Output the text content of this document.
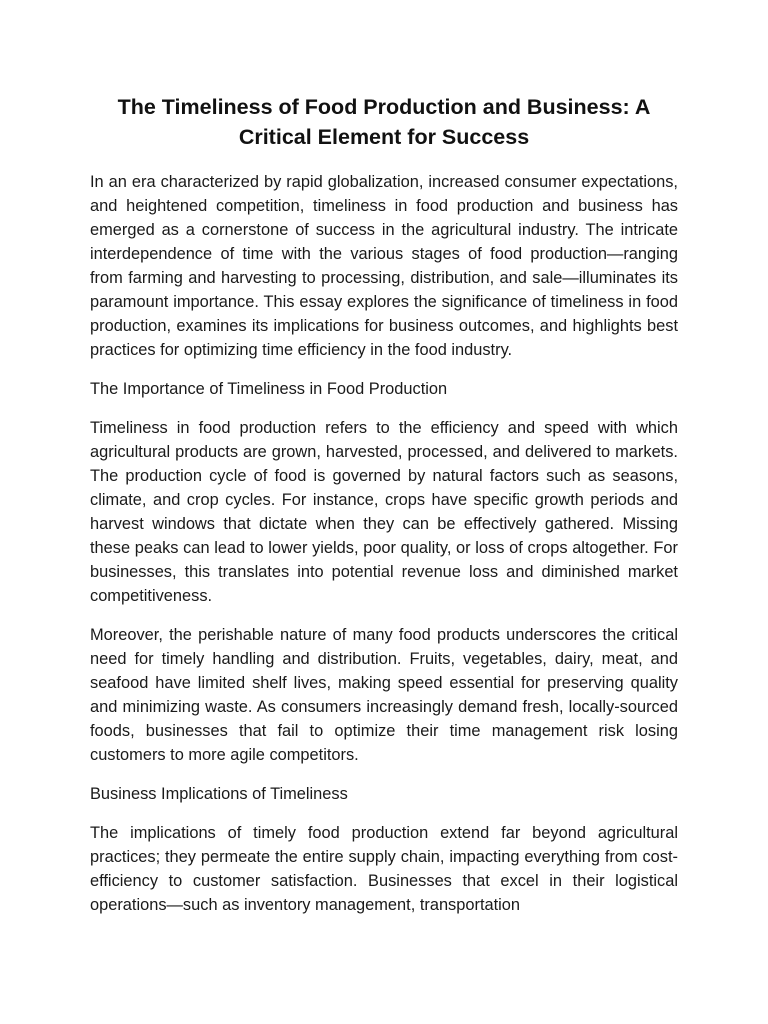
The Timeliness of Food Production and Business: A Critical Element for Success

In an era characterized by rapid globalization, increased consumer expectations, and heightened competition, timeliness in food production and business has emerged as a cornerstone of success in the agricultural industry. The intricate interdependence of time with the various stages of food production—ranging from farming and harvesting to processing, distribution, and sale—illuminates its paramount importance. This essay explores the significance of timeliness in food production, examines its implications for business outcomes, and highlights best practices for optimizing time efficiency in the food industry.

The Importance of Timeliness in Food Production

Timeliness in food production refers to the efficiency and speed with which agricultural products are grown, harvested, processed, and delivered to markets. The production cycle of food is governed by natural factors such as seasons, climate, and crop cycles. For instance, crops have specific growth periods and harvest windows that dictate when they can be effectively gathered. Missing these peaks can lead to lower yields, poor quality, or loss of crops altogether. For businesses, this translates into potential revenue loss and diminished market competitiveness.

Moreover, the perishable nature of many food products underscores the critical need for timely handling and distribution. Fruits, vegetables, dairy, meat, and seafood have limited shelf lives, making speed essential for preserving quality and minimizing waste. As consumers increasingly demand fresh, locally-sourced foods, businesses that fail to optimize their time management risk losing customers to more agile competitors.

Business Implications of Timeliness

The implications of timely food production extend far beyond agricultural practices; they permeate the entire supply chain, impacting everything from cost-efficiency to customer satisfaction. Businesses that excel in their logistical operations—such as inventory management, transportation
